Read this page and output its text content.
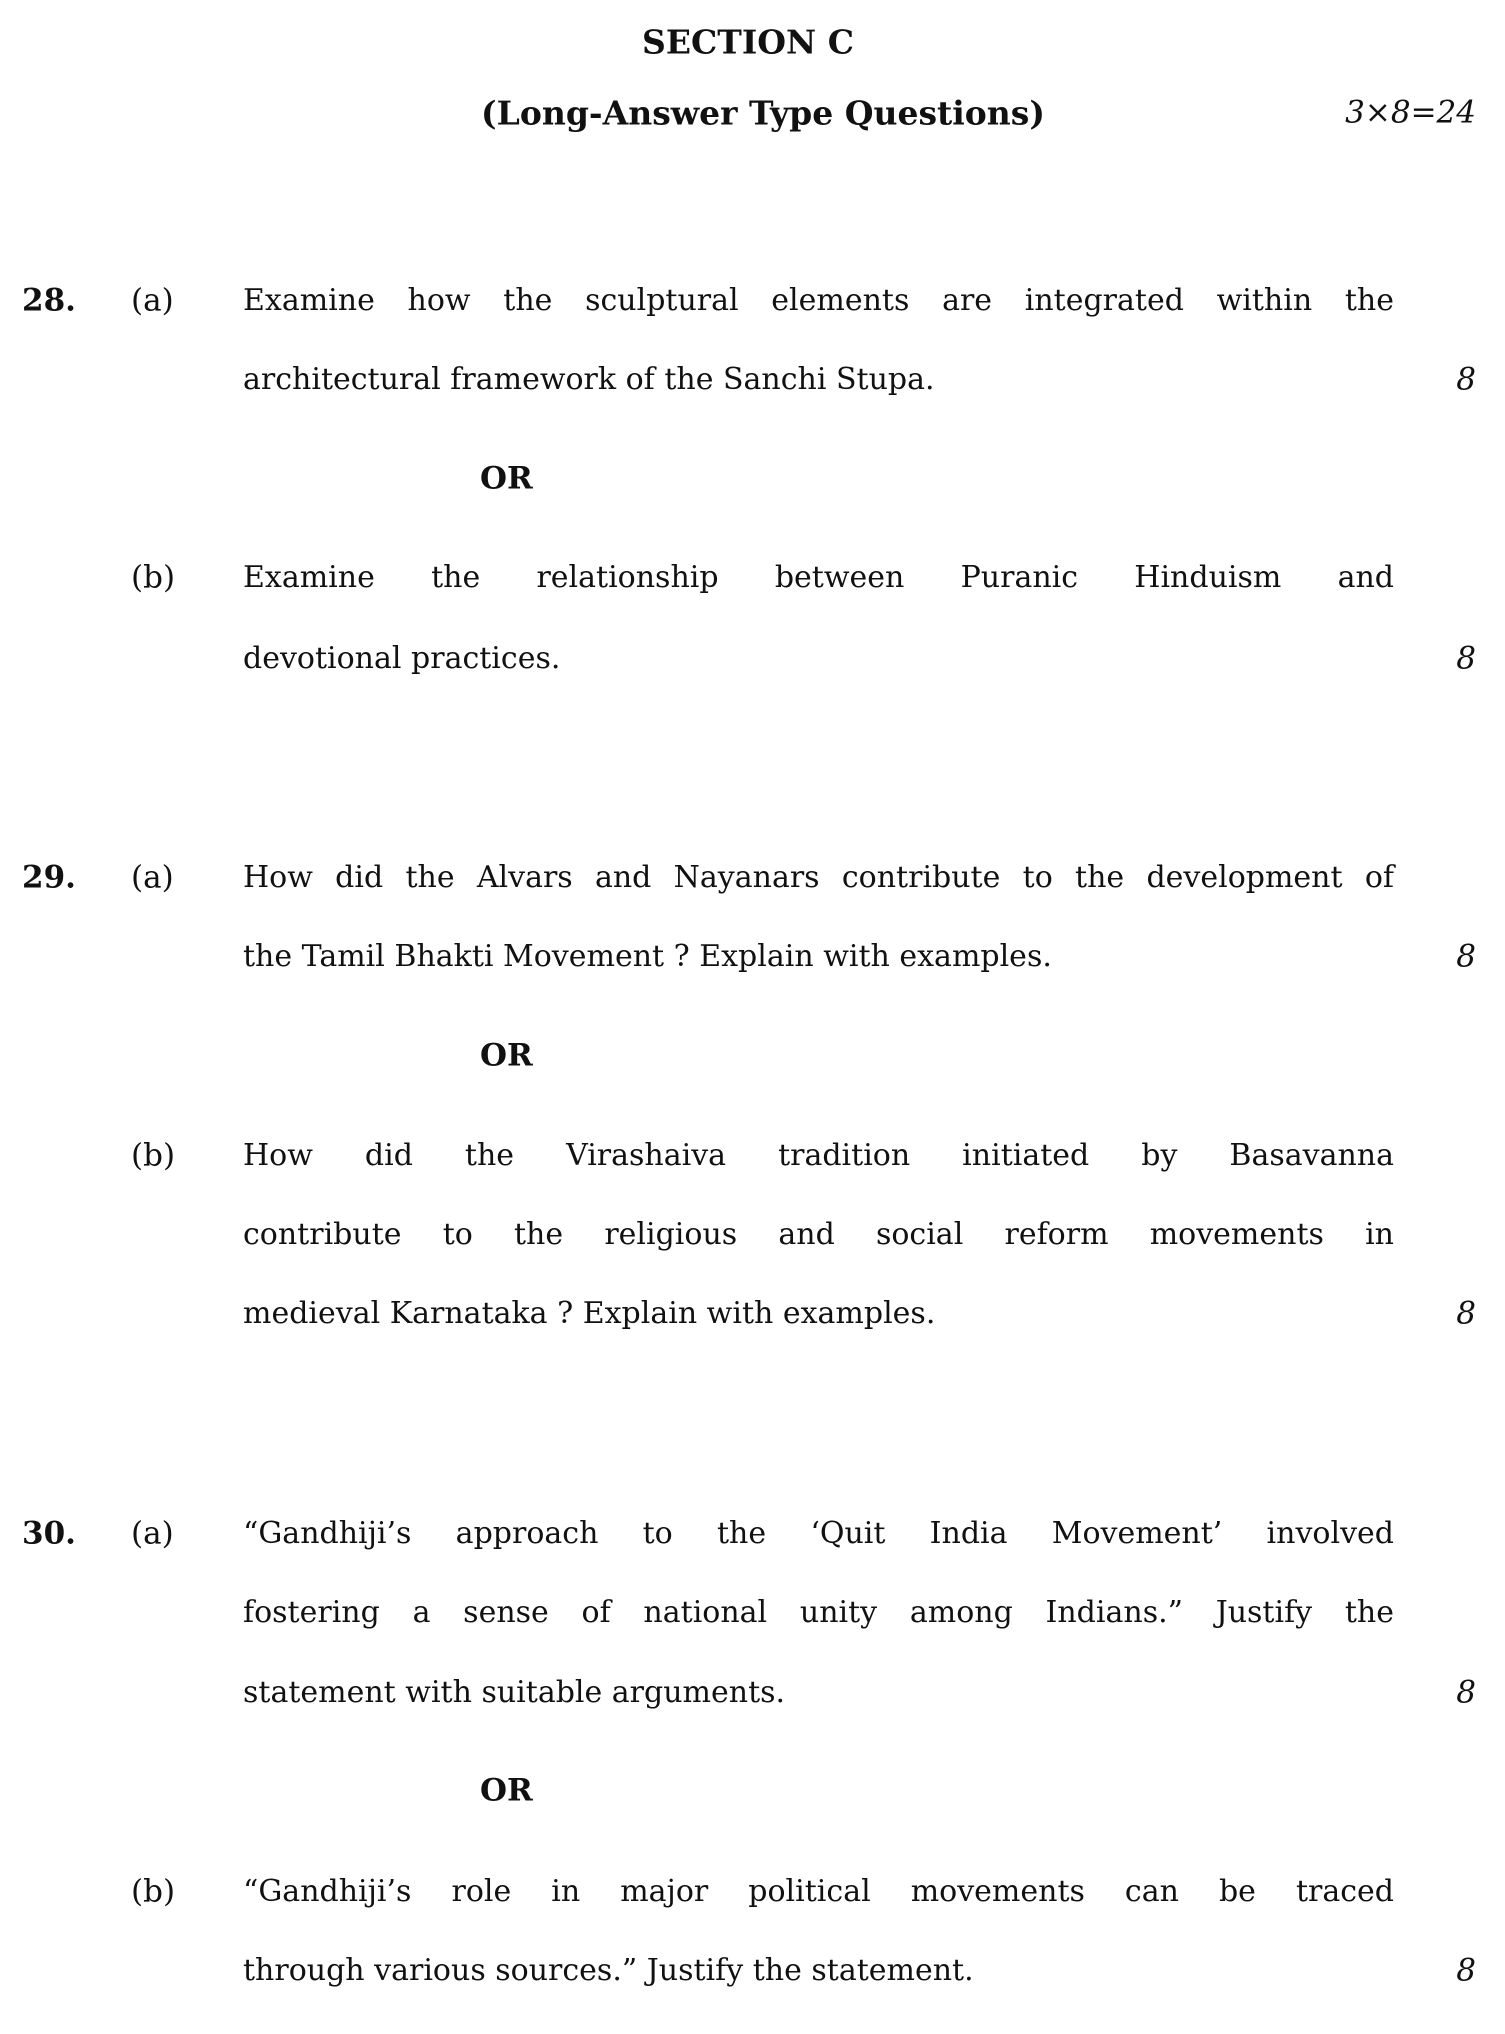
SECTION C
(Long-Answer Type Questions)	3×8=24
28. (a) Examine how the sculptural elements are integrated within the
architectural framework of the Sanchi Stupa.	8
(b) Examine the relationship between Puranic Hinduism and
devotional practices.	8
OR
29. (a) How did the Alvars and Nayanars contribute to the development of
the Tamil Bhakti Movement ? Explain with examples.	8
(b) How did the Virashaiva tradition initiated by Basavanna
contribute to the religious and social reform movements in
medieval Karnataka ? Explain with examples.	8
OR
30. (a) “Gandhiji’s approach to the ‘Quit India Movement’ involved
fostering a sense of national unity among Indians.” Justify the
statement with suitable arguments.	8
(b) “Gandhiji’s role in major political movements can be traced
through various sources.” Justify the statement.	8
OR
